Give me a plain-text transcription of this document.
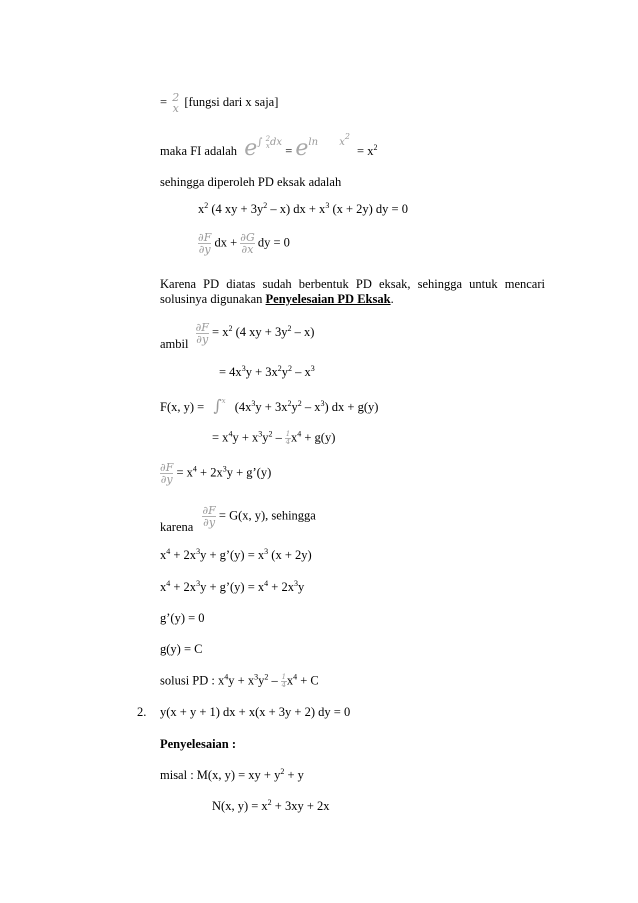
= 2
x [fungsi dari x saja]
maka FI adalah e∫ 2
x $^{dx} = e^{ln}$ $^{x2} = x^2$
sehingga diperoleh PD eksak adalah
$x^2$ (4 xy + $3y^2 - x$) dx + $x^3$ (x + 2y) dy = 0
$\frac{\partial F}{\partial y}$ dx + $\frac{\partial G}{\partial x}$ dy = 0
Karena PD diatas sudah berbentuk PD eksak, sehingga untuk mencari solusinya digunakan Penyelesaian PD Eksak.
ambil $\frac{\partial F}{\partial y} = x^2$ (4 xy + $3y^2 - x$)
= $4x^3y + 3x^2y^2 - x^3$
F(x, y) = ∫$^x$ $(4x^3y + 3x^2y^2 - x^3)$ dx + g(y)
= $x^4y + x^3y^2 - \frac{1}{4} x^4 + g(y)$
$\frac{\partial F}{\partial y} = x^4 + 2x^3y$ + g’(y)
karena $\frac{\partial F}{\partial y} = G(x$, y), sehingga
$x^4 + 2x^3y$ + g’(y) = $x^3$ (x + 2y)
$x^4 + 2x^3y$ + g’(y) = $x^4 + 2x^3y$
g’(y) = 0
g(y) = C
solusi PD : $x^4y + x^3y^2 - \frac{1}{4} x^4 + C$
2. y(x + y + 1) dx + x(x + 3y + 2) dy = 0
Penyelesaian :
misal : M(x, y) = xy + $y^2 + y$
N(x, $y) = x^2 + 3xy + 2x$
